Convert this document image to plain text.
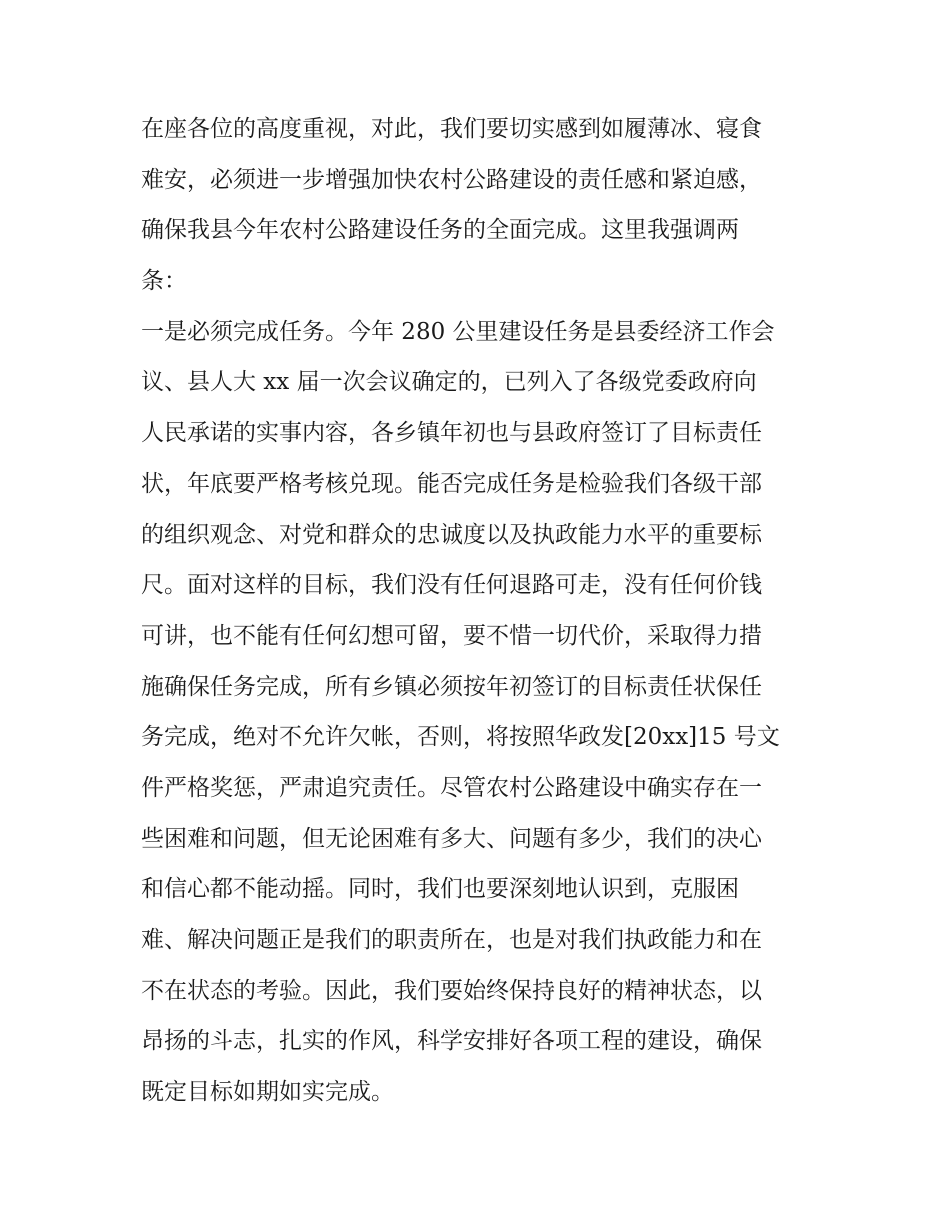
在座各位的高度重视，对此，我们要切实感到如履薄冰、寝食
难安，必须进一步增强加快农村公路建设的责任感和紧迫感，
确保我县今年农村公路建设任务的全面完成。这里我强调两
条：
一是必须完成任务。今年 280 公里建设任务是县委经济工作会
议、县人大 xx 届一次会议确定的，已列入了各级党委政府向
人民承诺的实事内容，各乡镇年初也与县政府签订了目标责任
状，年底要严格考核兑现。能否完成任务是检验我们各级干部
的组织观念、对党和群众的忠诚度以及执政能力水平的重要标
尺。面对这样的目标，我们没有任何退路可走，没有任何价钱
可讲，也不能有任何幻想可留，要不惜一切代价，采取得力措
施确保任务完成，所有乡镇必须按年初签订的目标责任状保任
务完成，绝对不允许欠帐，否则，将按照华政发[20xx]15 号文
件严格奖惩，严肃追究责任。尽管农村公路建设中确实存在一
些困难和问题，但无论困难有多大、问题有多少，我们的决心
和信心都不能动摇。同时，我们也要深刻地认识到，克服困
难、解决问题正是我们的职责所在，也是对我们执政能力和在
不在状态的考验。因此，我们要始终保持良好的精神状态，以
昂扬的斗志，扎实的作风，科学安排好各项工程的建设，确保
既定目标如期如实完成。
